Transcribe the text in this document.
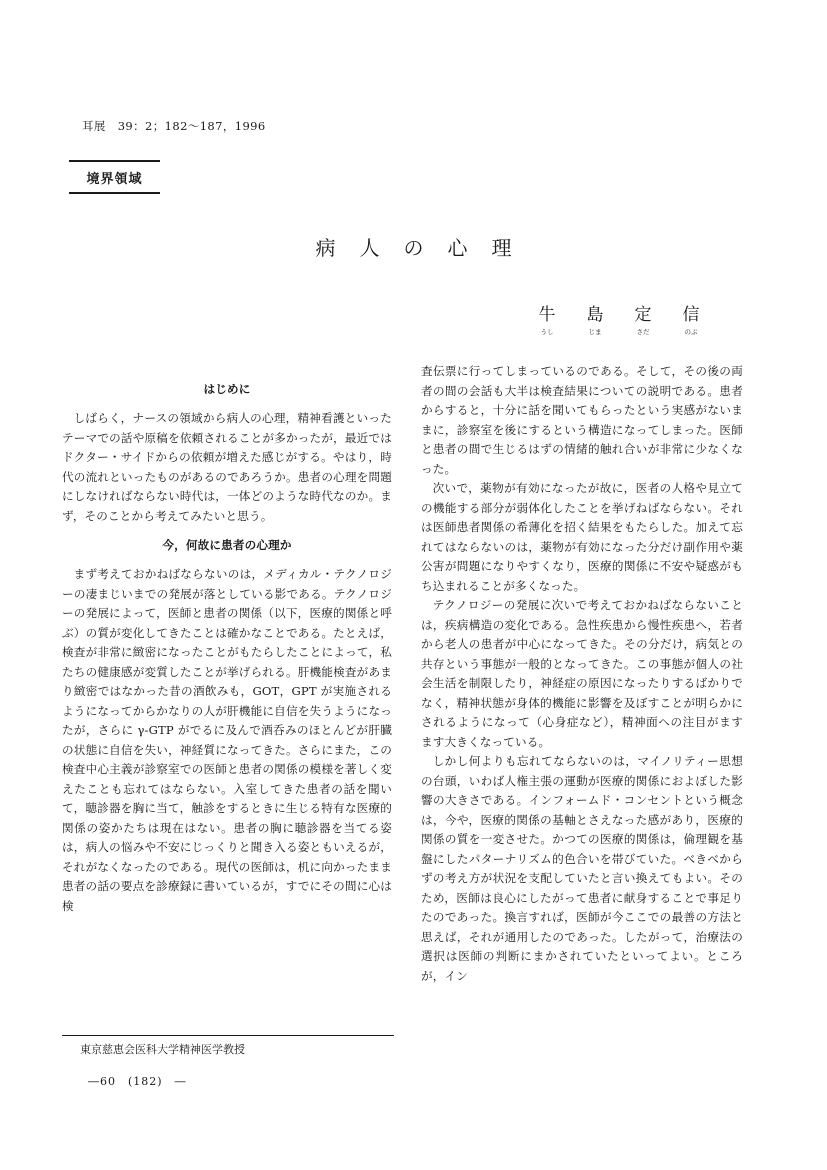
耳展　39：2；182～187，1996
境界領域
病人の心理
牛
うし
島
じま
定
さだ
信
のぶ
はじめに

しばらく，ナースの領域から病人の心理，精神看護といったテーマでの話や原稿を依頼されることが多かったが，最近ではドクター・サイドからの依頼が増えた感じがする。やはり，時代の流れといったものがあるのであろうか。患者の心理を問題にしなければならない時代は，一体どのような時代なのか。まず，そのことから考えてみたいと思う。

今，何故に患者の心理か

まず考えておかねばならないのは，メディカル・テクノロジーの凄まじいまでの発展が落としている影である。テクノロジーの発展によって，医師と患者の関係（以下，医療的関係と呼ぶ）の質が変化してきたことは確かなことである。たとえば，検査が非常に緻密になったことがもたらしたことによって，私たちの健康感が変質したことが挙げられる。肝機能検査があまり緻密ではなかった昔の酒飲みも，GOT，GPT が実施されるようになってからかなりの人が肝機能に自信を失うようになったが，さらに γ-GTP がでるに及んで酒呑みのほとんどが肝臓の状態に自信を失い，神経質になってきた。さらにまた，この検査中心主義が診察室での医師と患者の関係の模様を著しく変えたことも忘れてはならない。入室してきた患者の話を聞いて，聴診器を胸に当て，触診をするときに生じる特有な医療的関係の姿かたちは現在はない。患者の胸に聴診器を当てる姿は，病人の悩みや不安にじっくりと聞き入る姿ともいえるが，それがなくなったのである。現代の医師は，机に向かったまま患者の話の要点を診療録に書いているが，すでにその間に心は検

査伝票に行ってしまっているのである。そして，その後の両者の間の会話も大半は検査結果についての説明である。患者からすると，十分に話を聞いてもらったという実感がないままに，診察室を後にするという構造になってしまった。医師と患者の間で生じるはずの情緒的触れ合いが非常に少なくなった。

次いで，薬物が有効になったが故に，医者の人格や見立ての機能する部分が弱体化したことを挙げねばならない。それは医師患者関係の希薄化を招く結果をもたらした。加えて忘れてはならないのは，薬物が有効になった分だけ副作用や薬公害が問題になりやすくなり，医療的関係に不安や疑惑がもち込まれることが多くなった。

テクノロジーの発展に次いで考えておかねばならないことは，疾病構造の変化である。急性疾患から慢性疾患へ，若者から老人の患者が中心になってきた。その分だけ，病気との共存という事態が一般的となってきた。この事態が個人の社会生活を制限したり，神経症の原因になったりするばかりでなく，精神状態が身体的機能に影響を及ぼすことが明らかにされるようになって（心身症など），精神面への注目がますます大きくなっている。

しかし何よりも忘れてならないのは，マイノリティー思想の台頭，いわば人権主張の運動が医療的関係におよぼした影響の大きさである。インフォームド・コンセントという概念は，今や，医療的関係の基軸とさえなった感があり，医療的関係の質を一変させた。かつての医療的関係は，倫理観を基盤にしたパターナリズム的色合いを帯びていた。べきべからずの考え方が状況を支配していたと言い換えてもよい。そのため，医師は良心にしたがって患者に献身することで事足りたのであった。換言すれば，医師が今ここでの最善の方法と思えば，それが通用したのであった。したがって，治療法の選択は医師の判断にまかされていたといってよい。ところが，イン

東京慈恵会医科大学精神医学教授
―60　(182)　―
